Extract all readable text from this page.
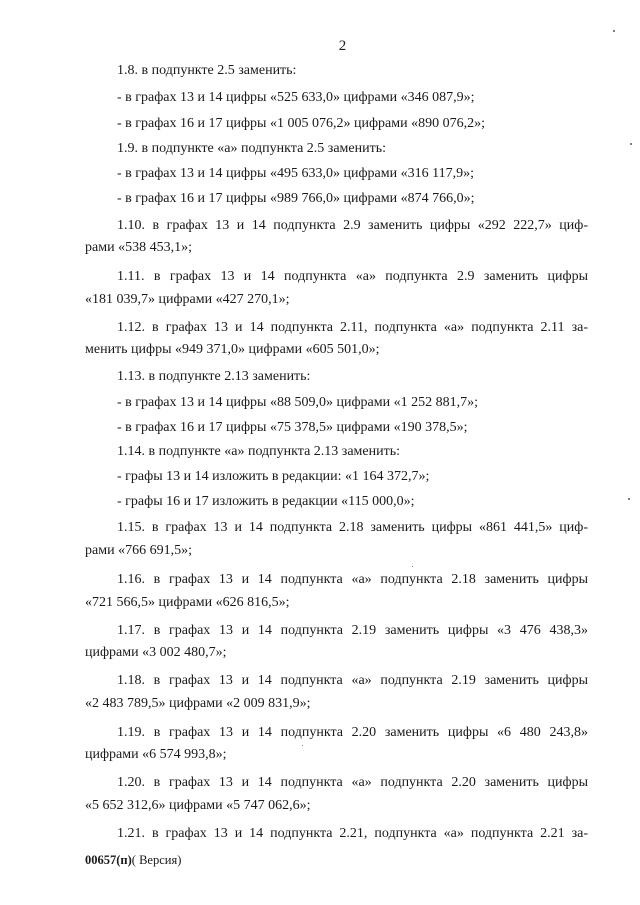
2
1.8. в подпункте 2.5 заменить:
- в графах 13 и 14 цифры «525 633,0» цифрами «346 087,9»;
- в графах 16 и 17 цифры «1 005 076,2» цифрами «890 076,2»;
1.9. в подпункте «а» подпункта 2.5 заменить:
- в графах 13 и 14 цифры «495 633,0» цифрами «316 117,9»;
- в графах 16 и 17 цифры «989 766,0» цифрами «874 766,0»;
1.10. в графах 13 и 14 подпункта 2.9 заменить цифры «292 222,7» циф-
рами «538 453,1»;
1.11. в графах 13 и 14 подпункта «а» подпункта 2.9 заменить цифры
«181 039,7» цифрами «427 270,1»;
1.12. в графах 13 и 14 подпункта 2.11, подпункта «а» подпункта 2.11 за-
менить цифры «949 371,0» цифрами «605 501,0»;
1.13. в подпункте 2.13 заменить:
- в графах 13 и 14 цифры «88 509,0» цифрами «1 252 881,7»;
- в графах 16 и 17 цифры «75 378,5» цифрами «190 378,5»;
1.14. в подпункте «а» подпункта 2.13 заменить:
- графы 13 и 14 изложить в редакции: «1 164 372,7»;
- графы 16 и 17 изложить в редакции «115 000,0»;
1.15. в графах 13 и 14 подпункта 2.18 заменить цифры «861 441,5» циф-
рами «766 691,5»;
1.16. в графах 13 и 14 подпункта «а» подпункта 2.18 заменить цифры
«721 566,5» цифрами «626 816,5»;
1.17. в графах 13 и 14 подпункта 2.19 заменить цифры «3 476 438,3»
цифрами «3 002 480,7»;
1.18. в графах 13 и 14 подпункта «а» подпункта 2.19 заменить цифры
«2 483 789,5» цифрами «2 009 831,9»;
1.19. в графах 13 и 14 подпункта 2.20 заменить цифры «6 480 243,8»
цифрами «6 574 993,8»;
1.20. в графах 13 и 14 подпункта «а» подпункта 2.20 заменить цифры
«5 652 312,6» цифрами «5 747 062,6»;
1.21. в графах 13 и 14 подпункта 2.21, подпункта «а» подпункта 2.21 за-
00657(п)( Версия)
